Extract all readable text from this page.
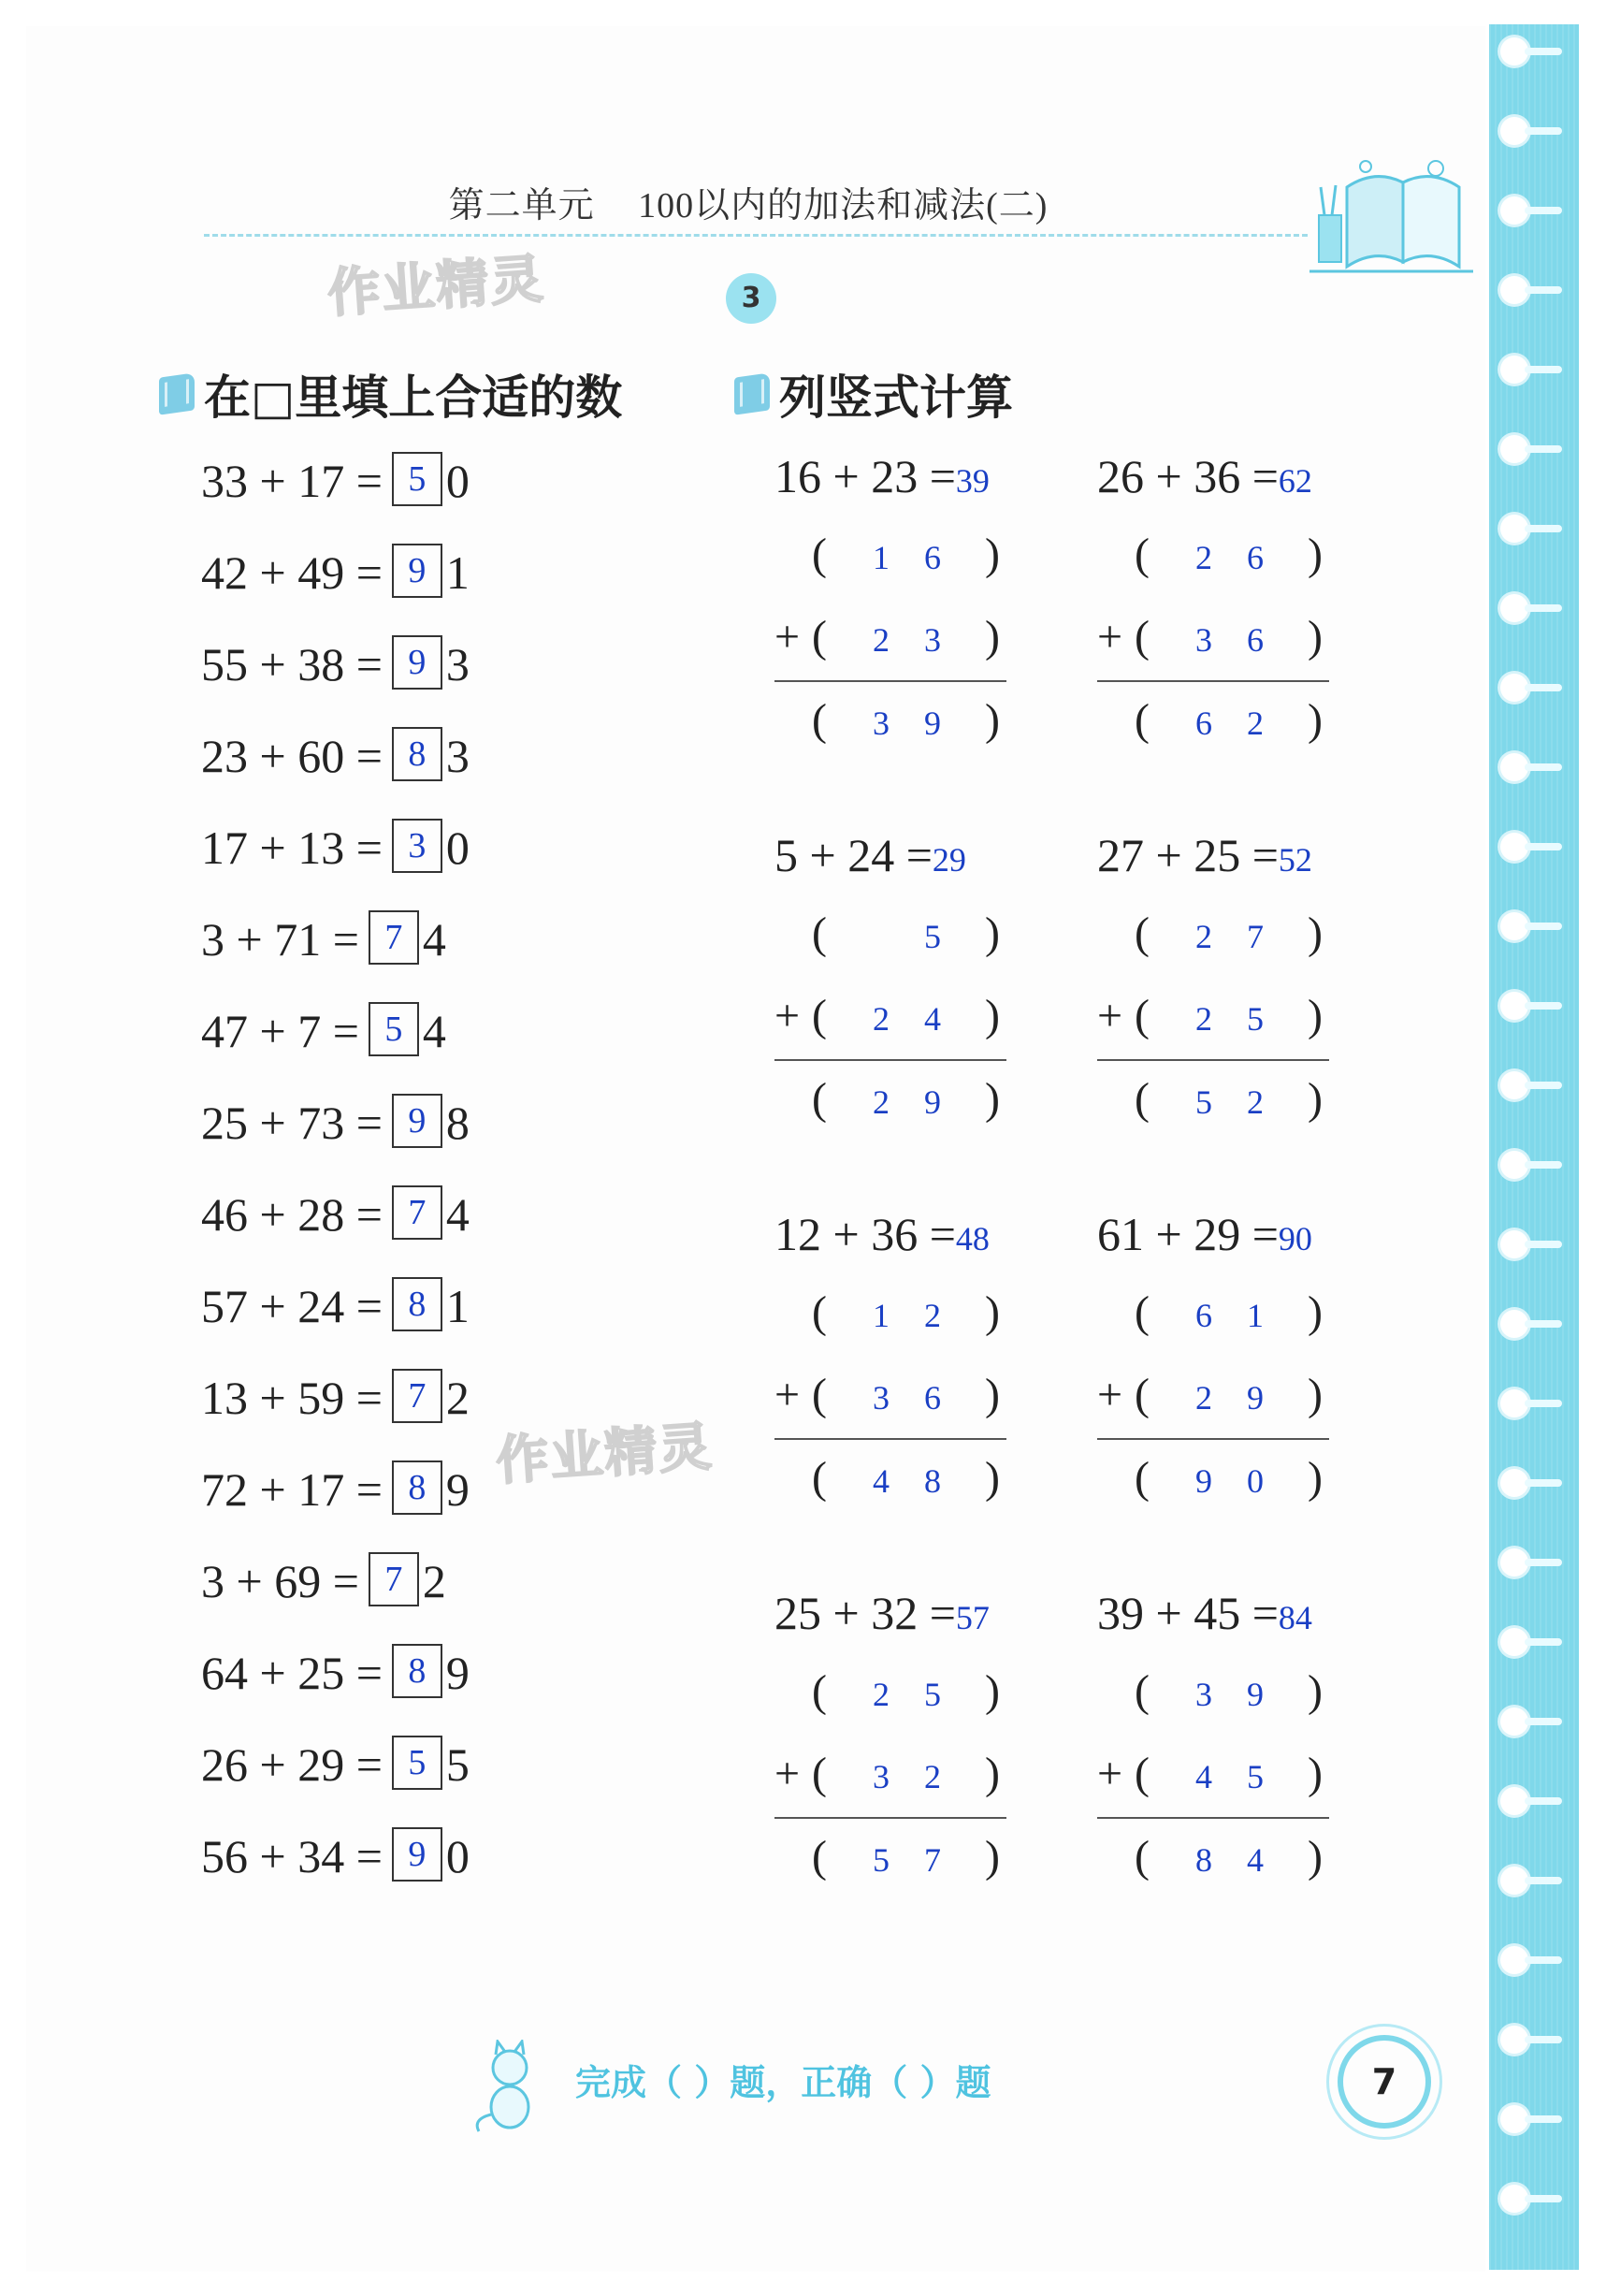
第二单元 100以内的加法和减法(二)
作业精灵
作业精灵
3
在□里填上合适的数	列竖式计算
33 + 17 = 5 0
42 + 49 = 9 1
55 + 38 = 9 3
23 + 60 = 8 3
17 + 13 = 3 0
3 + 71 = 7 4
47 + 7 = 5 4
25 + 73 = 9 8
46 + 28 = 7 4
57 + 24 = 8 1
13 + 59 = 7 2
72 + 17 = 8 9
3 + 69 = 7 2
64 + 25 = 8 9
26 + 29 = 5 5
56 + 34 = 9 0
16 + 23 =39
( 1 6 )
+ ( 2 3 )
( 3 9 )
26 + 36 =62
( 2 6 )
+ ( 3 6 )
( 6 2 )
5 + 24 =29
(	5 )
+ ( 2 4 )
( 2 9 )
27 + 25 =52
( 2 7 )
+ ( 2 5 )
( 5 2 )
12 + 36 =48
( 1 2 )
+ ( 3 6 )
( 4 8 )
61 + 29 =90
( 6 1 )
+ ( 2 9 )
( 9 0 )
25 + 32 =57
( 2 5 )
+ ( 3 2 )
( 5 7 )
39 + 45 =84
( 3 9 )
+ ( 4 5 )
( 8 4 )
完成（ ）题，正确（ ）题	7
